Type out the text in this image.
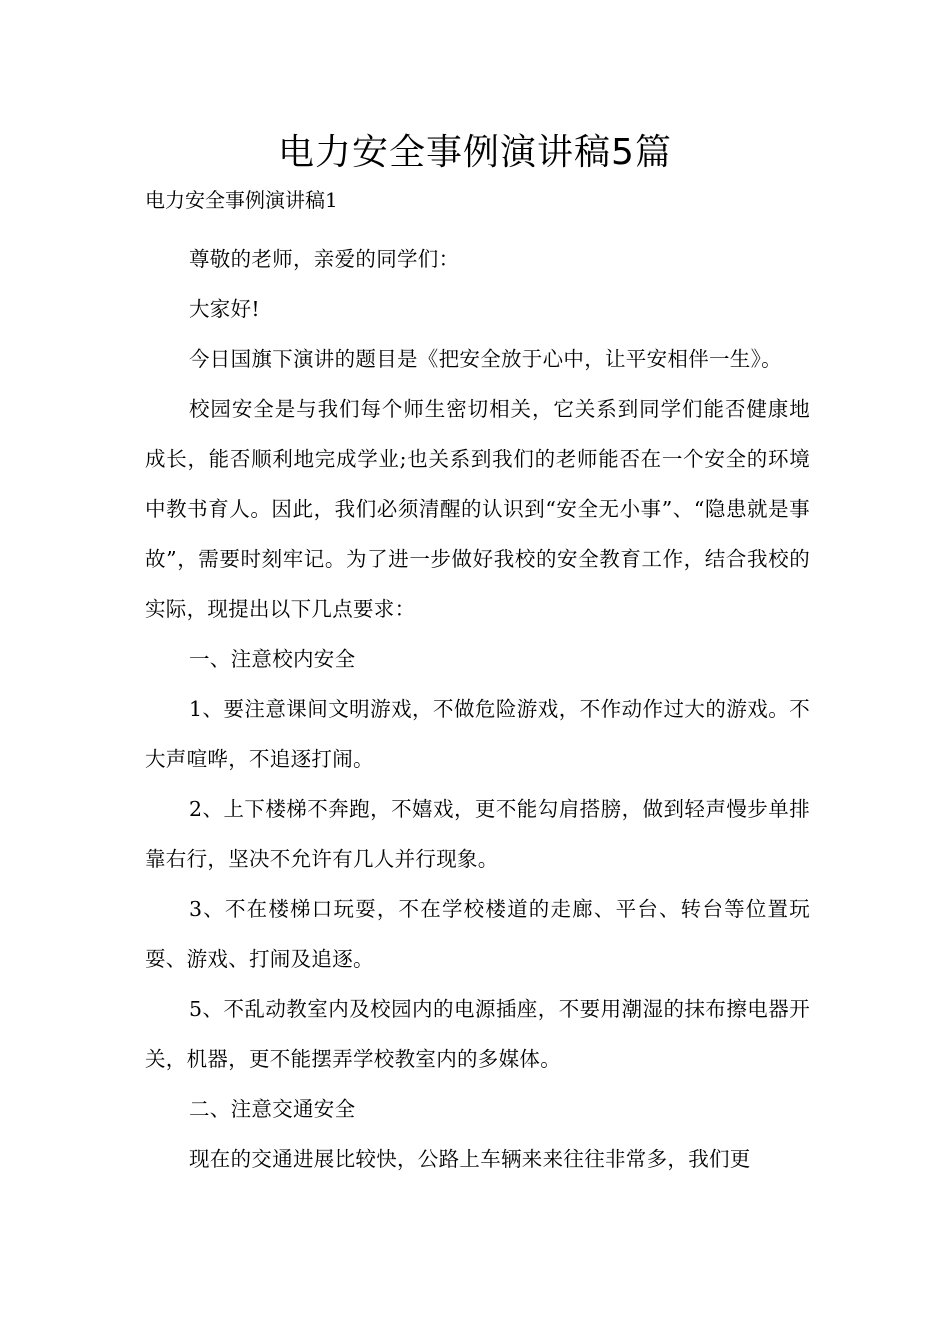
电力安全事例演讲稿5篇

电力安全事例演讲稿1

尊敬的老师，亲爱的同学们：

大家好!

今日国旗下演讲的题目是《把安全放于心中，让平安相伴一生》。

校园安全是与我们每个师生密切相关，它关系到同学们能否健康地成长，能否顺利地完成学业;也关系到我们的老师能否在一个安全的环境中教书育人。因此，我们必须清醒的认识到“安全无小事”、“隐患就是事故”，需要时刻牢记。为了进一步做好我校的安全教育工作，结合我校的实际，现提出以下几点要求：

一、注意校内安全

1、要注意课间文明游戏，不做危险游戏，不作动作过大的游戏。不大声喧哗，不追逐打闹。

2、上下楼梯不奔跑，不嬉戏，更不能勾肩搭膀，做到轻声慢步单排靠右行，坚决不允许有几人并行现象。

3、不在楼梯口玩耍，不在学校楼道的走廊、平台、转台等位置玩耍、游戏、打闹及追逐。

5、不乱动教室内及校园内的电源插座，不要用潮湿的抹布擦电器开关，机器，更不能摆弄学校教室内的多媒体。

二、注意交通安全

现在的交通进展比较快，公路上车辆来来往往非常多，我们更
